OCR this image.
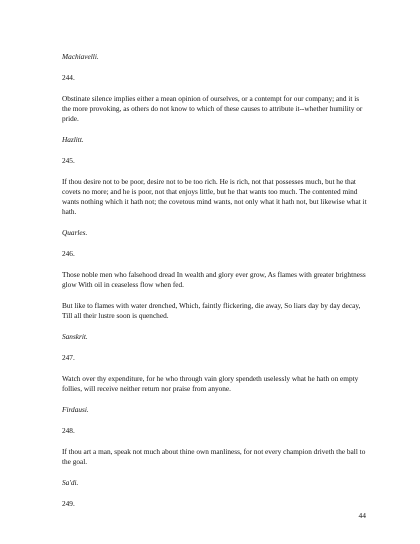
Machiavelli.

244.

Obstinate silence implies either a mean opinion of ourselves, or a contempt for our company; and it is the more provoking, as others do not know to which of these causes to attribute it--whether humility or pride.

Hazlitt.

245.

If thou desire not to be poor, desire not to be too rich. He is rich, not that possesses much, but he that covets no more; and he is poor, not that enjoys little, but he that wants too much. The contented mind wants nothing which it hath not; the covetous mind wants, not only what it hath not, but likewise what it hath.

Quarles.

246.

Those noble men who falsehood dread In wealth and glory ever grow, As flames with greater brightness glow With oil in ceaseless flow when fed.

But like to flames with water drenched, Which, faintly flickering, die away, So liars day by day decay, Till all their lustre soon is quenched.

Sanskrit.

247.

Watch over thy expenditure, for he who through vain glory spendeth uselessly what he hath on empty follies, will receive neither return nor praise from anyone.

Firdausi.

248.

If thou art a man, speak not much about thine own manliness, for not every champion driveth the ball to the goal.

Sa'di.

249.

44
